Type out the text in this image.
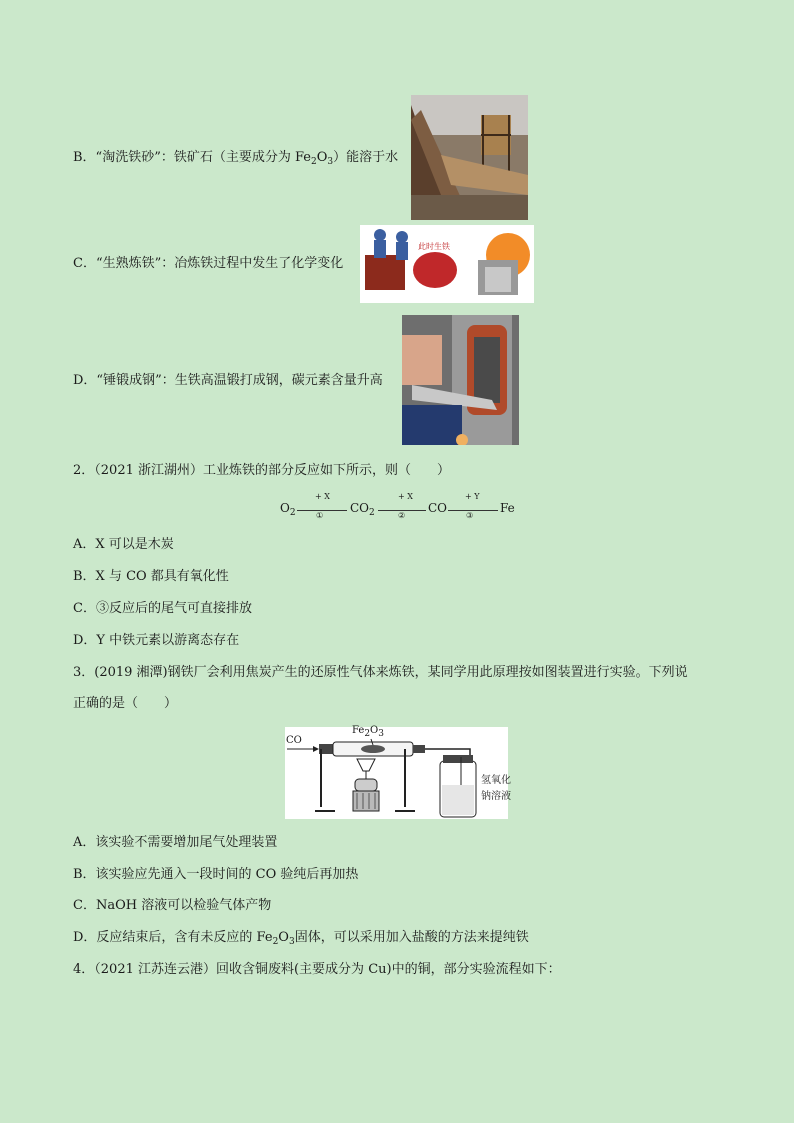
B．“淘洗铁砂”：铁矿石（主要成分为 $Fe_2O_3$）能溶于水
C．“生熟炼铁”：冶炼铁过程中发生了化学变化
此时生铁
D．“锤锻成钢”：生铁高温锻打成钢，碳元素含量升高
2．（2021 浙江湖州）工业炼铁的部分反应如下所示，则（　　）
$O_2$
+ X
①
$CO_2$
+ X
②
CO
+ Y
③
Fe
A．X 可以是木炭
B．X 与 CO 都具有氧化性
C．③反应后的尾气可直接排放
D．Y 中铁元素以游离态存在
3．(2019 湘潭)钢铁厂会利用焦炭产生的还原性气体来炼铁，某同学用此原理按如图装置进行实验。下列说
正确的是（　　）
CO
$Fe_2O_3$
氢氧化
钠溶液
A．该实验不需要增加尾气处理装置
B．该实验应先通入一段时间的 CO 验纯后再加热
C．NaOH 溶液可以检验气体产物
D．反应结束后，含有未反应的 $Fe_2O_3$固体，可以采用加入盐酸的方法来提纯铁
4．（2021 江苏连云港）回收含铜废料(主要成分为 Cu)中的铜，部分实验流程如下：
